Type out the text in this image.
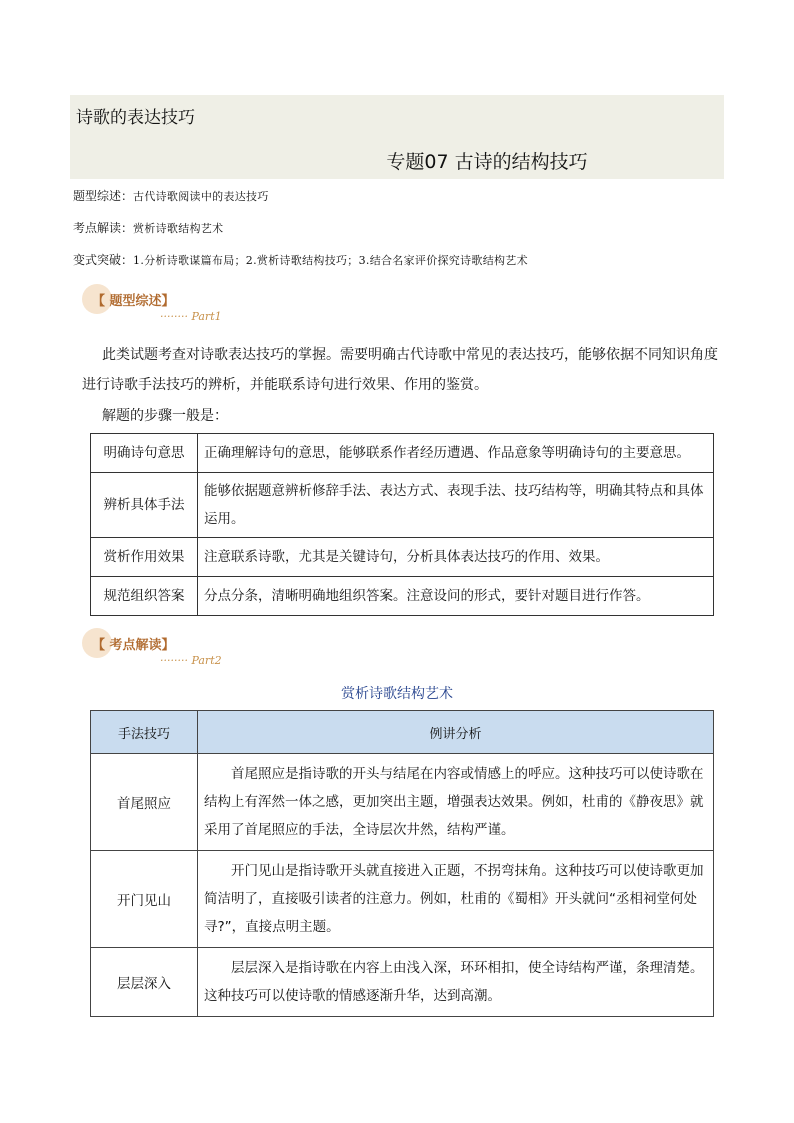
诗歌的表达技巧
专题07 古诗的结构技巧
题型综述：古代诗歌阅读中的表达技巧
考点解读：赏析诗歌结构艺术
变式突破：1.分析诗歌谋篇布局；2.赏析诗歌结构技巧；3.结合名家评价探究诗歌结构艺术
【 题型综述】
········ Part1
此类试题考查对诗歌表达技巧的掌握。需要明确古代诗歌中常见的表达技巧，能够依据不同知识角度进行诗歌手法技巧的辨析，并能联系诗句进行效果、作用的鉴赏。
解题的步骤一般是：
明确诗句意思	正确理解诗句的意思，能够联系作者经历遭遇、作品意象等明确诗句的主要意思。
辨析具体手法	能够依据题意辨析修辞手法、表达方式、表现手法、技巧结构等，明确其特点和具体运用。
赏析作用效果	注意联系诗歌，尤其是关键诗句，分析具体表达技巧的作用、效果。
规范组织答案	分点分条，清晰明确地组织答案。注意设问的形式，要针对题目进行作答。
【 考点解读】
········ Part2
赏析诗歌结构艺术
手法技巧	例讲分析
首尾照应	首尾照应是指诗歌的开头与结尾在内容或情感上的呼应。这种技巧可以使诗歌在结构上有浑然一体之感，更加突出主题，增强表达效果。例如，杜甫的《静夜思》就采用了首尾照应的手法，全诗层次井然，结构严谨。
开门见山	开门见山是指诗歌开头就直接进入正题，不拐弯抹角。这种技巧可以使诗歌更加简洁明了，直接吸引读者的注意力。例如，杜甫的《蜀相》开头就问“丞相祠堂何处寻?”，直接点明主题。
层层深入	层层深入是指诗歌在内容上由浅入深，环环相扣，使全诗结构严谨，条理清楚。这种技巧可以使诗歌的情感逐渐升华，达到高潮。
